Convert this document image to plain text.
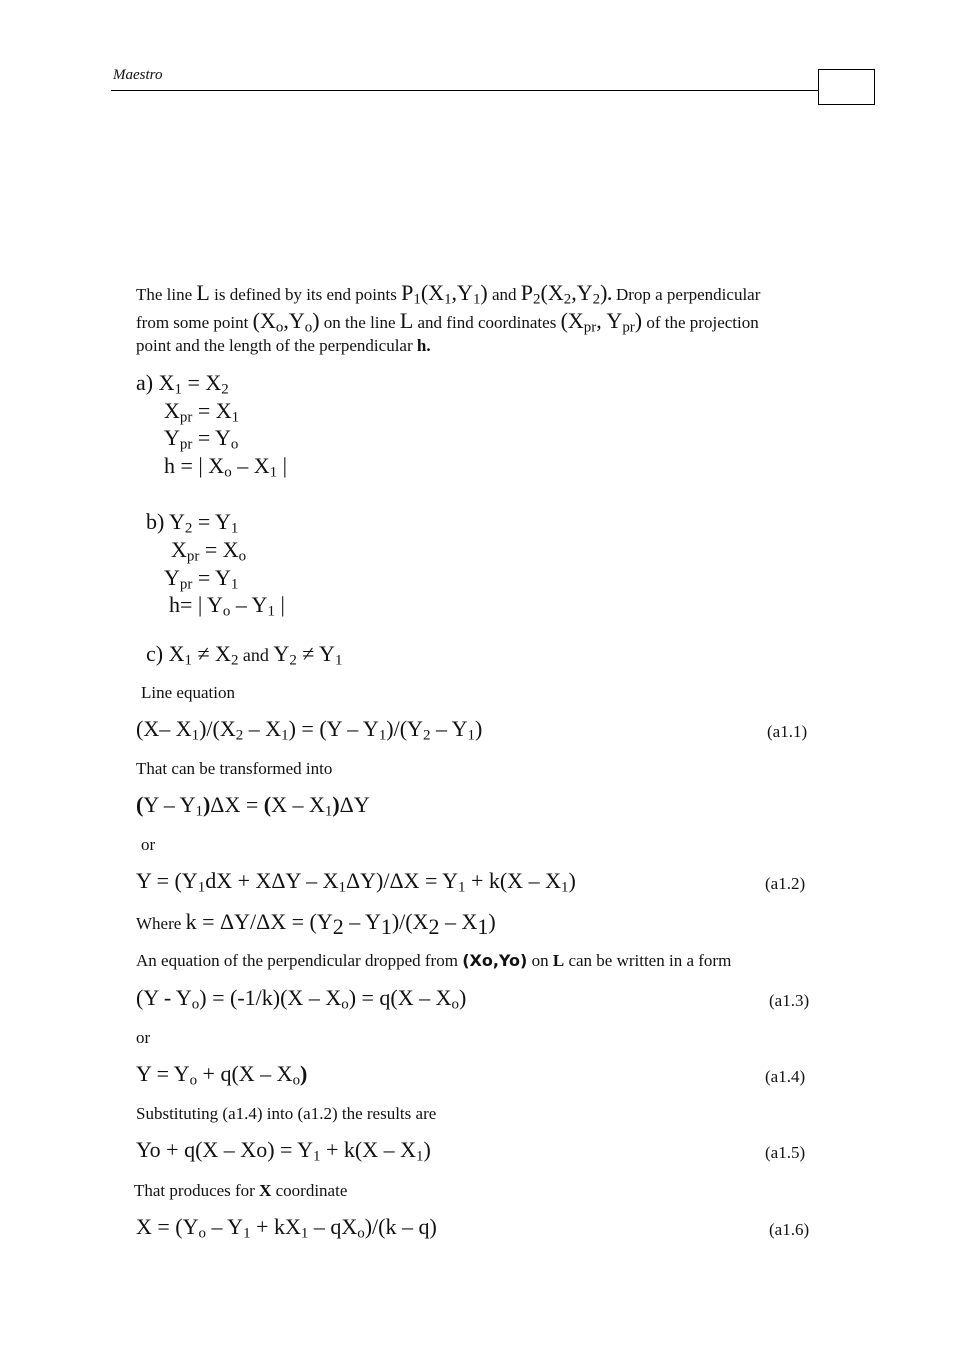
Maestro
The line L is defined by its end points $P_1(X_1,Y_1)$ and $P_2(X_2,Y_2)$. Drop a perpendicular
from some point $(X_o,Y_o)$ on the line L and find coordinates ($X_{pr}$, $Y_{pr}$) of the projection
point and the length of the perpendicular h.
a) $X_1 = X_2$
$X_{pr} = X_1$
$Y_{pr} = Y_o$
h = | $X_o - X_1$ |
b) $Y_2 = Y_1$
$X_{pr} = X_o$
$Y_{pr} = Y_1$
h= | $Y_o - Y_1$ |
c) $X_1 \ne X_2$ and $Y_2 \ne Y_1$
Line equation
(X– $X_1)/(X_2 - X_1) = (Y - Y_1)/(Y_2 - Y_1)$	(a1.1)
That can be transformed into
$(Y - Y_1)\Delta X = (X - X_1)\Delta Y$
or
$Y = (Y_1dX + X\Delta Y - X_1\Delta Y)/\Delta X = Y_1 + k(X - X_1)$	(a1.2)
Where $k = \Delta Y/\Delta X = (Y_2 - Y_1)/(X_2 - X_1)$
An equation of the perpendicular dropped from (Xo,Yo) on L can be written in a form
$(Y - Y_o) = (-1/k)(X - X_o) = q(X - X_o)$	(a1.3)
or
$Y = Y_o + q(X - X_o)$	(a1.4)
Substituting (a1.4) into (a1.2) the results are
$Yo + q(X - Xo) = Y_1 + k(X - X_1)$	(a1.5)
That produces for X coordinate
$X = (Y_o - Y_1 + kX_1 - qX_o)/(k - q)$	(a1.6)
